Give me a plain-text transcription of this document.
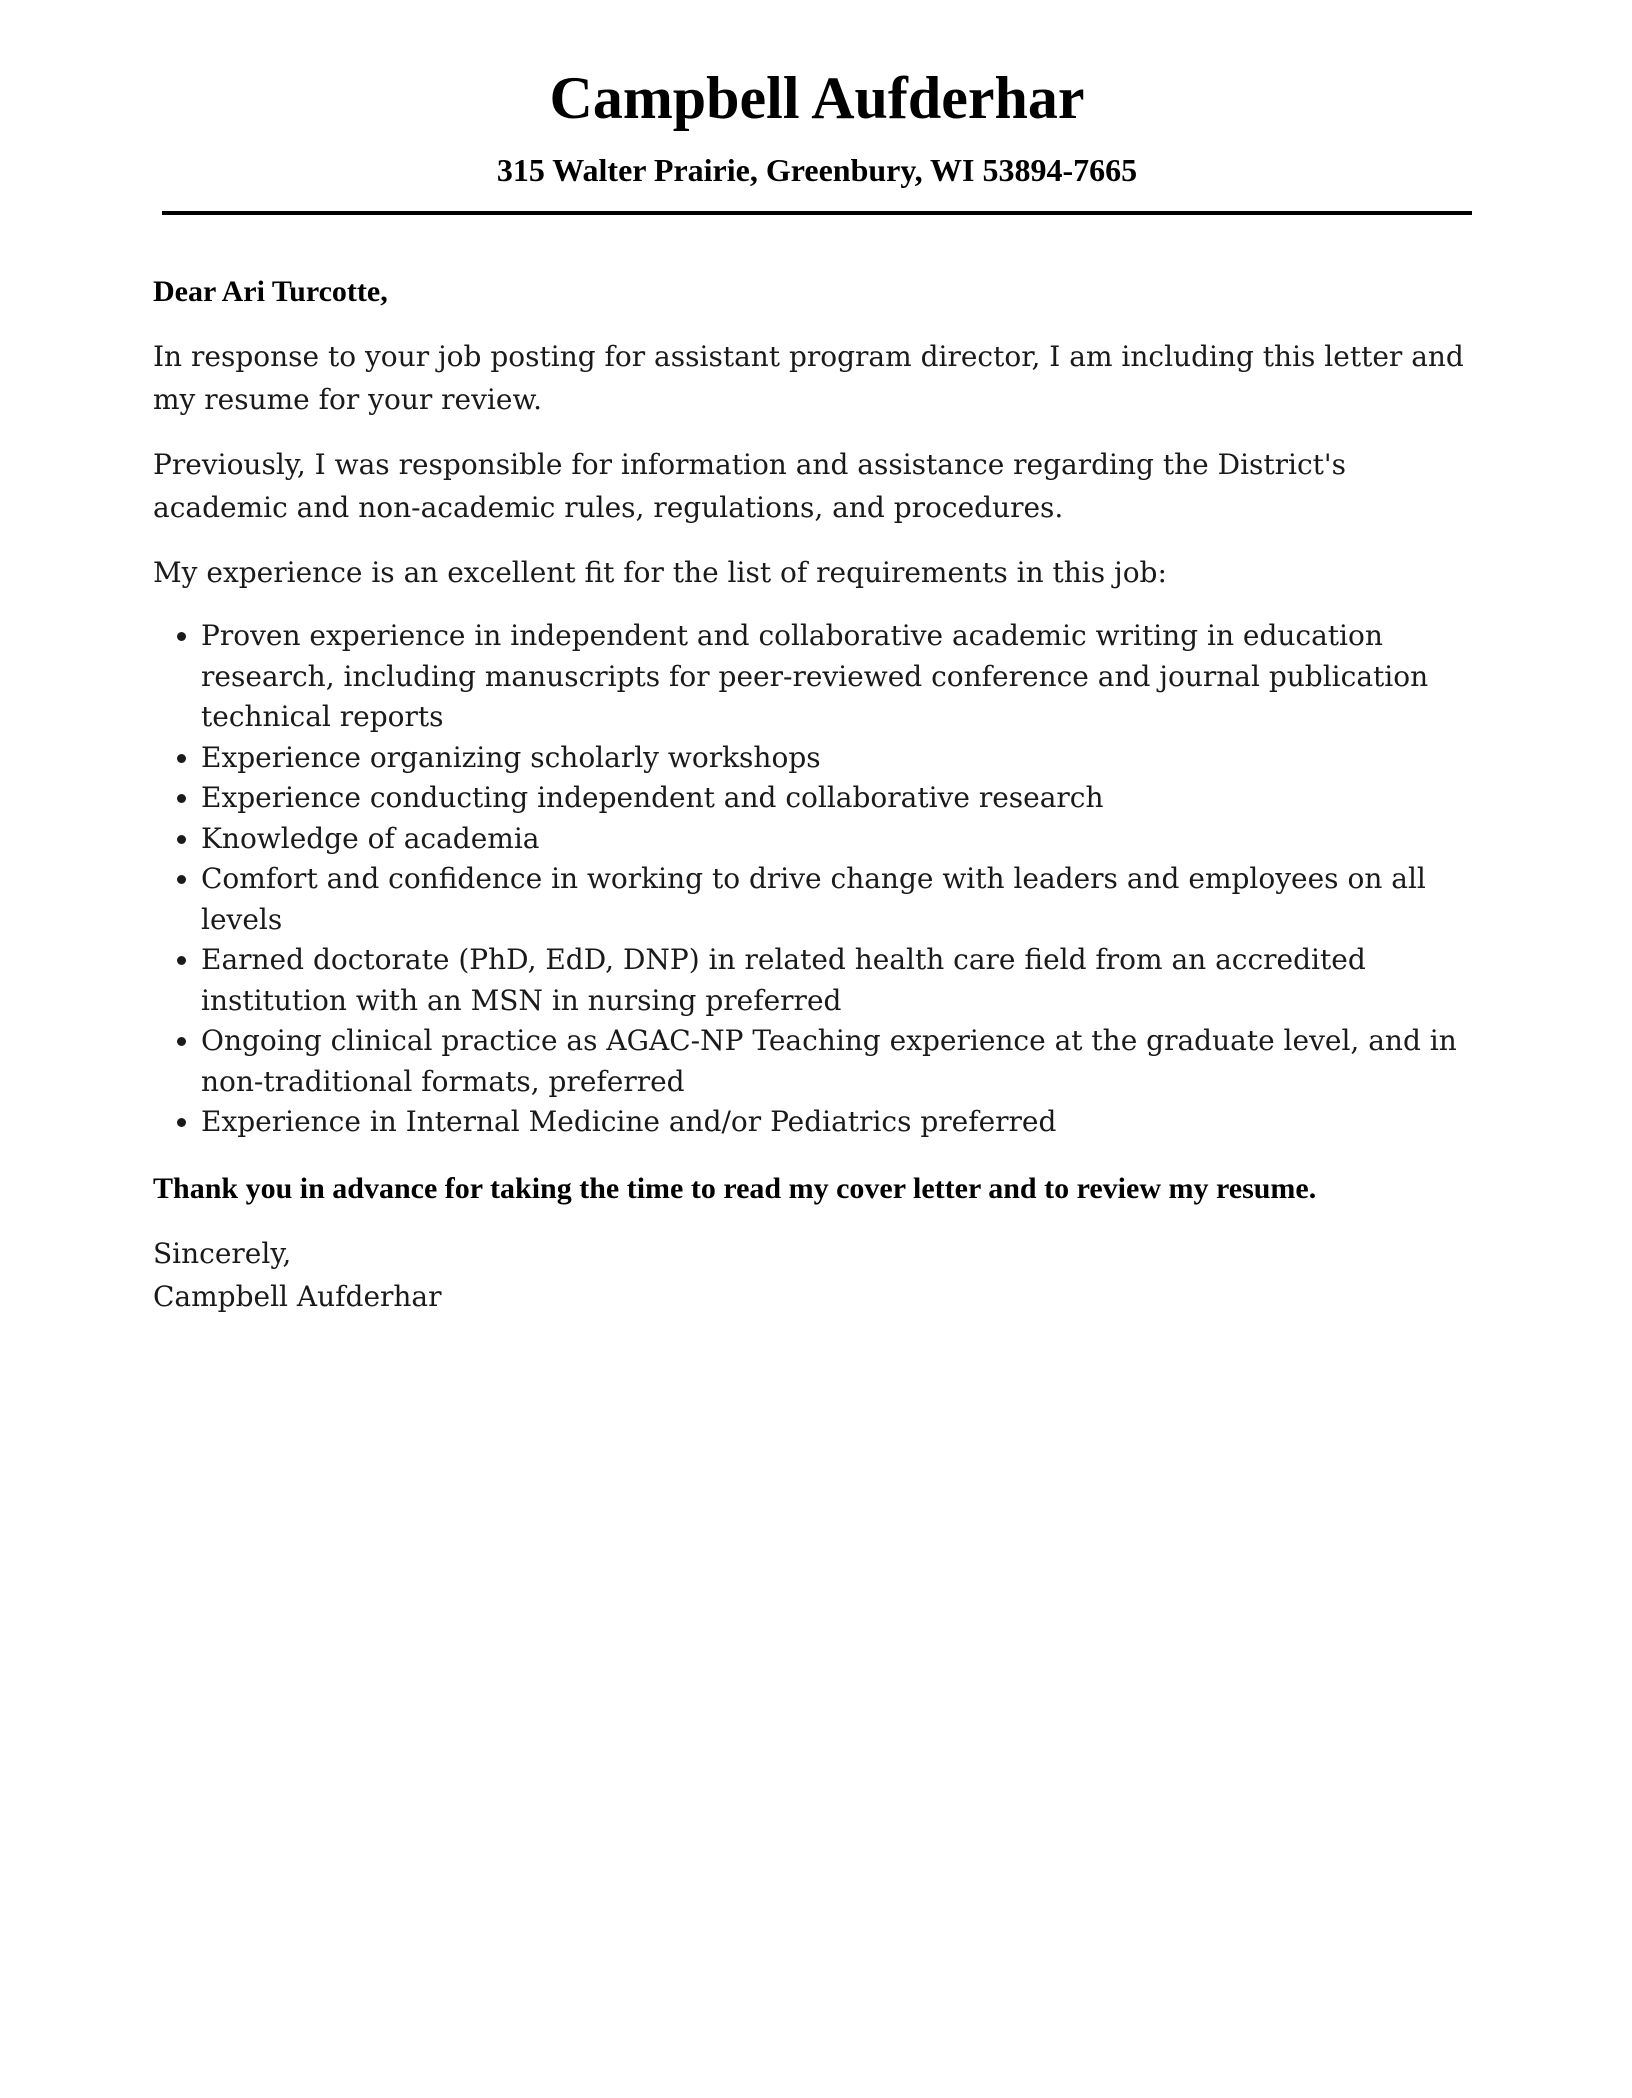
Campbell Aufderhar
315 Walter Prairie, Greenbury, WI 53894-7665

Dear Ari Turcotte,

In response to your job posting for assistant program director, I am including this letter and my resume for your review.

Previously, I was responsible for information and assistance regarding the District's academic and non-academic rules, regulations, and procedures.

My experience is an excellent fit for the list of requirements in this job:

Proven experience in independent and collaborative academic writing in education research, including manuscripts for peer-reviewed conference and journal publication technical reports
Experience organizing scholarly workshops
Experience conducting independent and collaborative research
Knowledge of academia
Comfort and confidence in working to drive change with leaders and employees on all levels
Earned doctorate (PhD, EdD, DNP) in related health care field from an accredited institution with an MSN in nursing preferred
Ongoing clinical practice as AGAC-NP Teaching experience at the graduate level, and in non-traditional formats, preferred
Experience in Internal Medicine and/or Pediatrics preferred

Thank you in advance for taking the time to read my cover letter and to review my resume.

Sincerely,

Campbell Aufderhar
